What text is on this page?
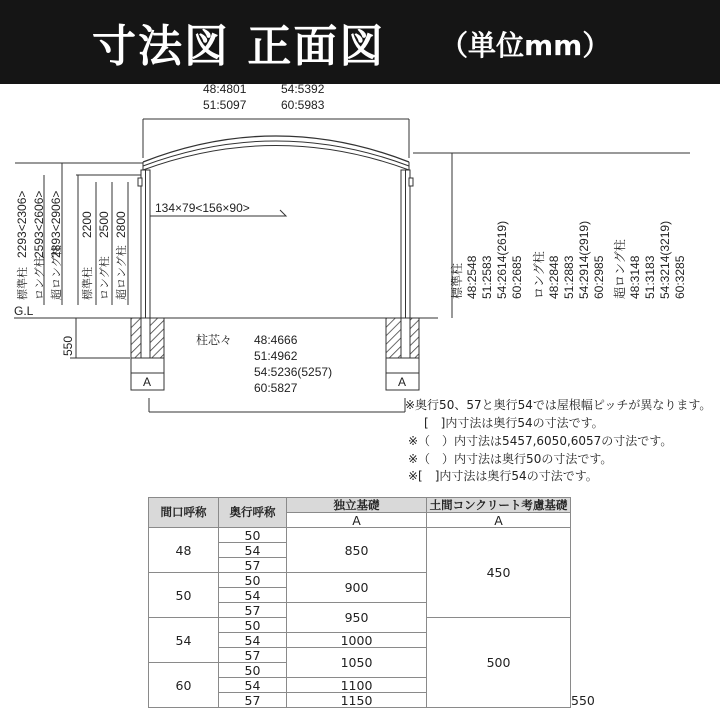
寸法図 正面図 （単位mm）
48:4801	54:5392
51:5097	60:5983
134×79<156×90>
2293<2306> 2593<2606> 2893<2906> 2200 2500 2800
標準柱 ロング柱 超ロング柱 標準柱 ロング柱 超ロング柱
G.L
550
A	A
柱芯々 48:4666
51:4962
54:5236(5257)
60:5827
標準柱 48:2548 51:2583 54:2614(2619) 60:2685 ロング柱 48:2848 51:2883 54:2914(2919) 60:2985 超ロング柱 48:3148 51:3183 54:3214(3219) 60:3285
※奥行50、57と奥行54では屋根幅ピッチが異なります。
[　]内寸法は奥行54の寸法です。
※（　）内寸法は5457,6050,6057の寸法です。
※（　）内寸法は奥行50の寸法です。
※[　]内寸法は奥行54の寸法です。
間口呼称	奥行呼称	独立基礎	土間コンクリート考慮基礎	
		A	A	
48	50	850	450	
	54			
	57			
50	50	900		
	54			
	57	950		
54	50		500	
	54	1000		
	57	1050		
60	50			
	54	1100		
	57	1150		550
